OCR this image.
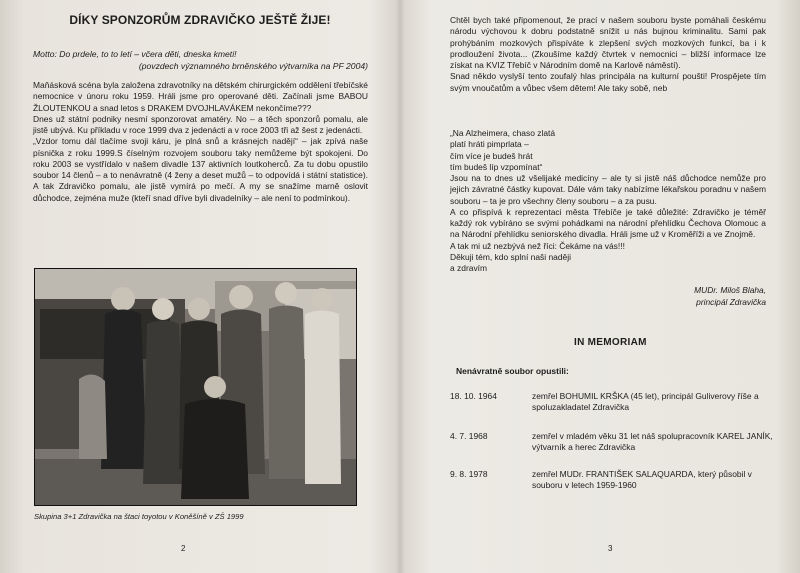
DÍKY SPONZORŮM ZDRAVIČKO JEŠTĚ ŽIJE!
Motto: Do prdele, to to letí – včera děti, dneska kmeti!
(povzdech významného brněnského výtvarníka na PF 2004)

Maňásková scéna byla založena zdravotníky na dětském chirurgickém oddělení třebíčské nemocnice v únoru roku 1959. Hráli jsme pro operované děti. Začínali jsme BABOU ŽLOUTENKOU a snad letos s DRAKEM DVOJHLAVÁKEM nekončíme???

Dnes už státní podniky nesmí sponzorovat amatéry. No – a těch sponzorů pomalu, ale jistě ubývá. Ku příkladu v roce 1999 dva z jedenácti a v roce 2003 tři až šest z jedenácti.

„Vzdor tomu dál tlačíme svoji káru, je plná snů a krásnejch nadějí“ – jak zpívá naše písnička z roku 1999.S číselným rozvojem souboru taky nemůžeme být spokojeni. Do roku 2003 se vystřídalo v našem divadle 137 aktivních loutkoherců. Za tu dobu opustilo soubor 14 členů – a to nenávratně (4 ženy a deset mužů – to odpovídá i státní statistice). A tak Zdravičko pomalu, ale jistě vymírá po mečí. A my se snažíme marně oslovit důchodce, zejména muže (kteří snad dříve byli divadelníky – ale není to podmínkou).

Skupina 3+1 Zdravička na štaci toyotou v Koněšíně v ZŠ 1999
2

Chtěl bych také připomenout, že prací v našem souboru byste pomáhali českému národu výchovou k dobru podstatně snížit u nás bujnou kriminalitu. Sami pak prohýbáním mozkových přispíváte k zlepšení svých mozkových funkcí, ba i k prodloužení života... (Zkoušíme každý čtvrtek v nemocnici – bližší informace lze získat na KVIZ Třebíč v Národním domě na Karlově náměstí).

Snad někdo vyslyší tento zoufalý hlas principála na kulturní poušti! Prospějete tím svým vnoučatům a vůbec všem dětem! Ale taky sobě, neb

„Na Alzheimera, chaso zlatá
platí hráti pimprlata –
čím více je budeš hrát
tím budeš líp vzpomínat“

Jsou na to dnes už všelijaké medicíny – ale ty si jistě náš důchodce nemůže pro jejich závratné částky kupovat. Dále vám taky nabízíme lékařskou poradnu v našem souboru – ta je pro všechny členy souboru – a za pusu.

A co přispívá k reprezentaci města Třebíče je také důležité: Zdravičko je téměř každý rok vybíráno se svými pohádkami na národní přehlídku Čechova Olomouc a na Národní přehlídku seniorského divadla. Hráli jsme už v Kroměříži a ve Znojmě.

A tak mi už nezbývá než říci: Čekáme na vás!!!

Děkuji tém, kdo splní naši naději

a zdravím

MUDr. Miloš Blaha,
principál Zdravička
IN MEMORIAM
Nenávratně soubor opustili:
18. 10. 1964	zemřel BOHUMIL KRŠKA (45 let), principál Guliverovy říše a spoluzakladatel Zdravička
4. 7. 1968	zemřel v mladém věku 31 let náš spolupracovník KAREL JANÍK, výtvarník a herec Zdravička
9. 8. 1978	zemřel MUDr. FRANTIŠEK SALAQUARDA, který působil v souboru v letech 1959-1960
3
